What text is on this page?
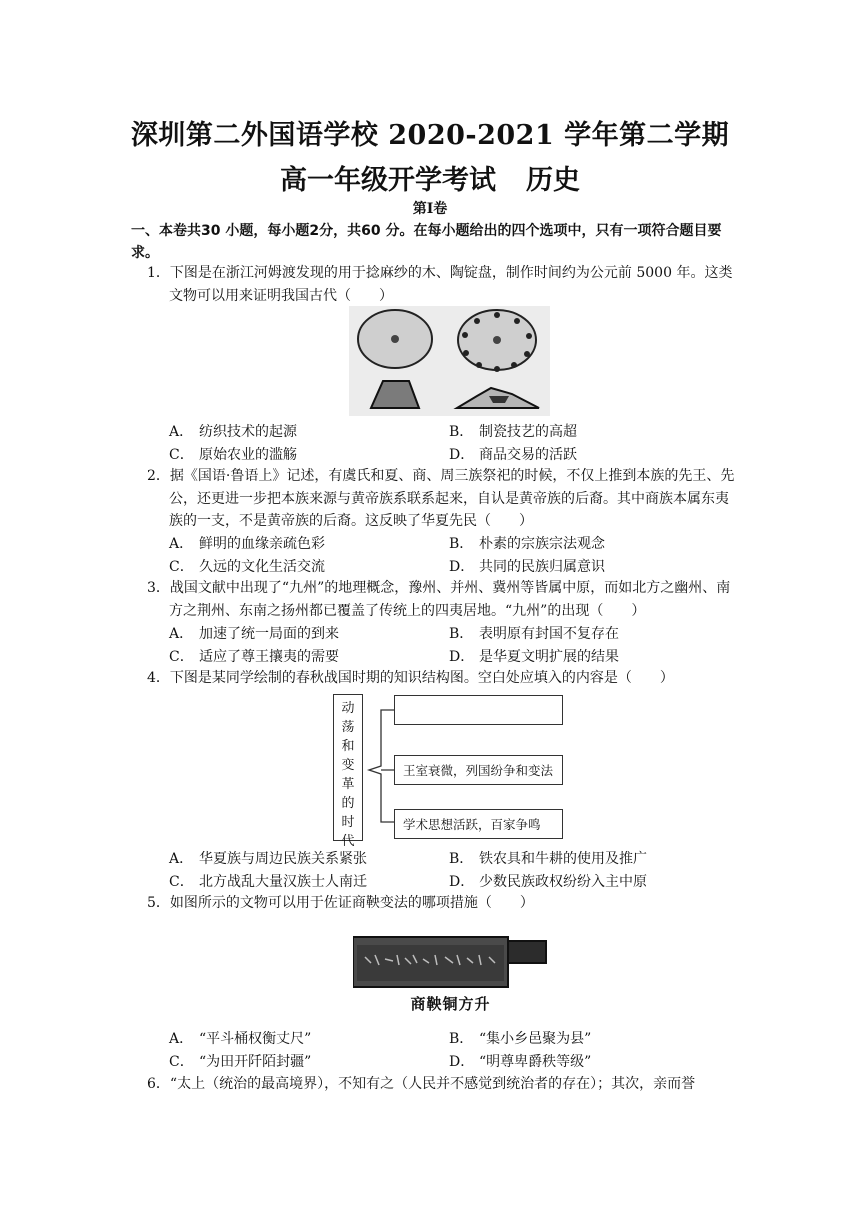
深圳第二外国语学校 2020-2021 学年第二学期
高一年级开学考试 历史
第Ⅰ卷
一、本卷共30 小题，每小题2分，共60 分。在每小题给出的四个选项中，只有一项符合题目要求。
1．下图是在浙江河姆渡发现的用于捻麻纱的木、陶锭盘，制作时间约为公元前 5000 年。这类文物可以用来证明我国古代（　　）
A． 纺织技术的起源	B． 制瓷技艺的高超
C． 原始农业的滥觞	D． 商品交易的活跃
2．据《国语·鲁语上》记述，有虞氏和夏、商、周三族祭祀的时候，不仅上推到本族的先王、先公，还更进一步把本族来源与黄帝族系联系起来，自认是黄帝族的后裔。其中商族本属东夷族的一支，不是黄帝族的后裔。这反映了华夏先民（　　）
A． 鲜明的血缘亲疏色彩	B． 朴素的宗族宗法观念
C． 久远的文化生活交流	D． 共同的民族归属意识
3．战国文献中出现了“九州”的地理概念，豫州、并州、冀州等皆属中原，而如北方之幽州、南方之荆州、东南之扬州都已覆盖了传统上的四夷居地。“九州”的出现（　　）
A． 加速了统一局面的到来	B． 表明原有封国不复存在
C． 适应了尊王攘夷的需要	D． 是华夏文明扩展的结果
4．下图是某同学绘制的春秋战国时期的知识结构图。空白处应填入的内容是（　　）
动荡和变革的时代
王室衰微，列国纷争和变法
学术思想活跃，百家争鸣
A． 华夏族与周边民族关系紧张	B． 铁农具和牛耕的使用及推广
C． 北方战乱大量汉族士人南迁	D． 少数民族政权纷纷入主中原
5．如图所示的文物可以用于佐证商鞅变法的哪项措施（　　）
商鞅铜方升
A． “平斗桶权衡丈尺”	B． “集小乡邑聚为县”
C． “为田开阡陌封疆”	D． “明尊卑爵秩等级”
6．“太上（统治的最高境界），不知有之（人民并不感觉到统治者的存在）；其次，亲而誉
